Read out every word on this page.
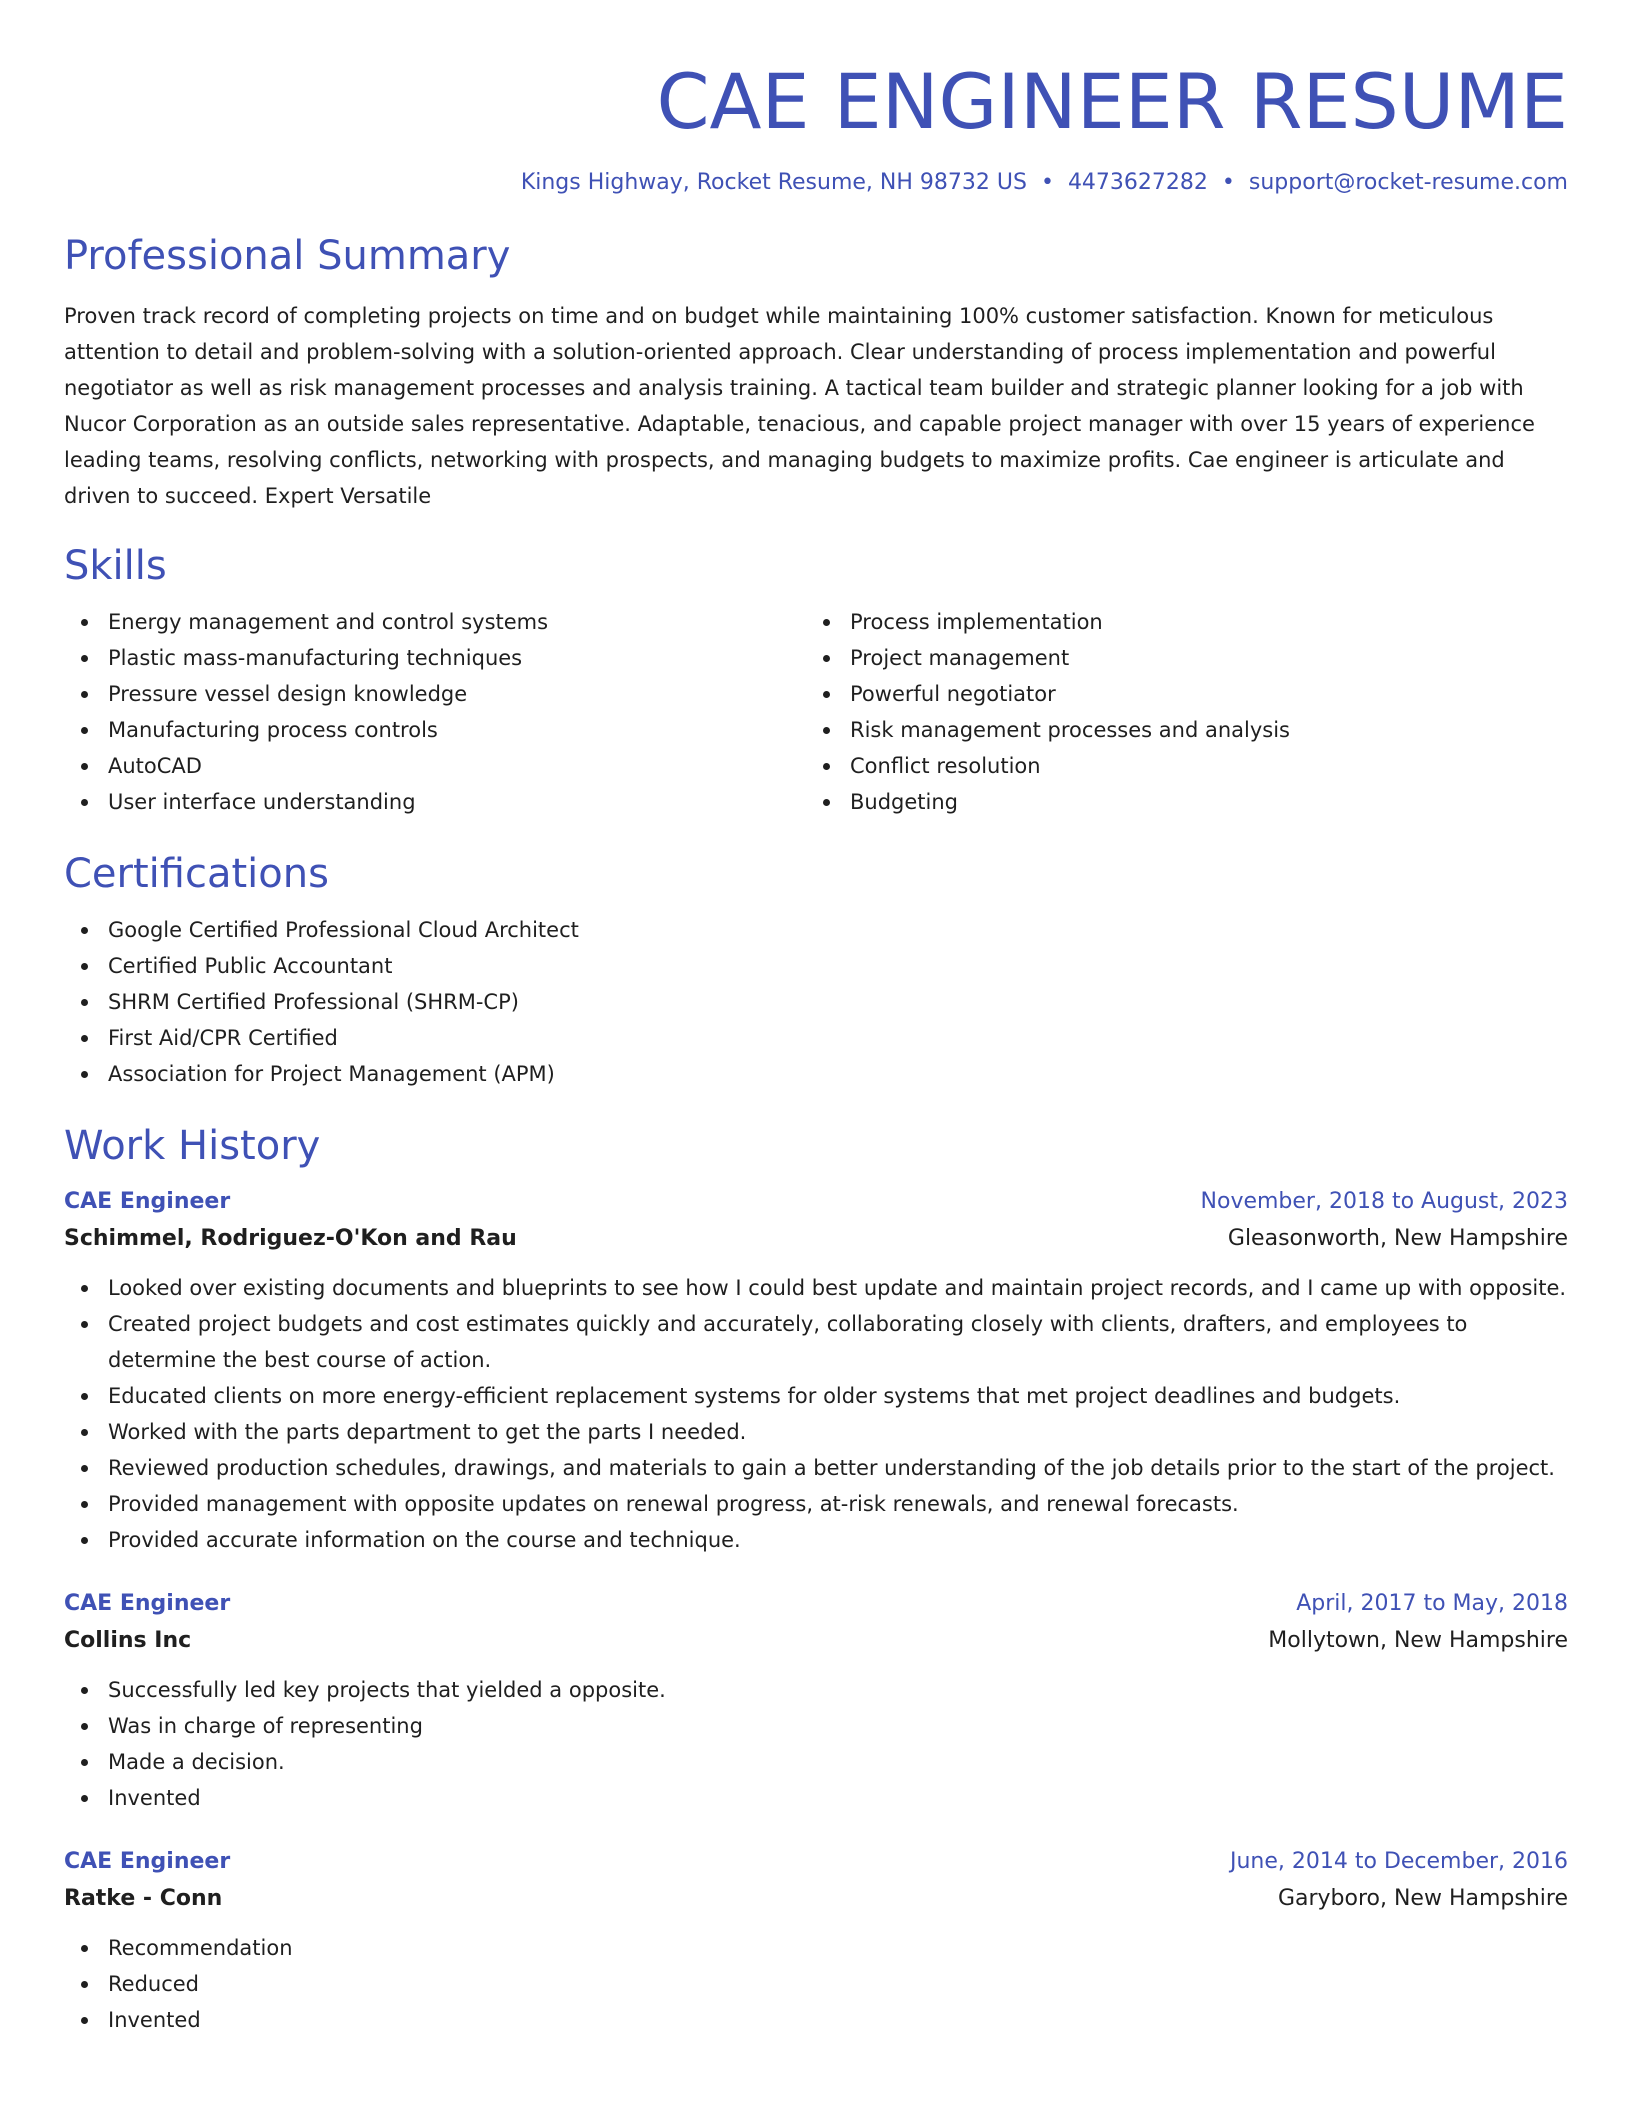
CAE ENGINEER RESUME
Kings Highway, Rocket Resume, NH 98732 US • 4473627282 • support@rocket-resume.com
Professional Summary

Proven track record of completing projects on time and on budget while maintaining 100% customer satisfaction. Known for meticulous attention to detail and problem-solving with a solution-oriented approach. Clear understanding of process implementation and powerful negotiator as well as risk management processes and analysis training. A tactical team builder and strategic planner looking for a job with Nucor Corporation as an outside sales representative. Adaptable, tenacious, and capable project manager with over 15 years of experience leading teams, resolving conflicts, networking with prospects, and managing budgets to maximize profits. Cae engineer is articulate and driven to succeed. Expert Versatile

Skills
Energy management and control systems
Plastic mass-manufacturing techniques
Pressure vessel design knowledge
Manufacturing process controls
AutoCAD
User interface understanding
Process implementation
Project management
Powerful negotiator
Risk management processes and analysis
Conflict resolution
Budgeting
Certifications
Google Certified Professional Cloud Architect
Certified Public Accountant
SHRM Certified Professional (SHRM-CP)
First Aid/CPR Certified
Association for Project Management (APM)
Work History
CAE Engineer	November, 2018 to August, 2023
Schimmel, Rodriguez-O'Kon and Rau	Gleasonworth, New Hampshire
Looked over existing documents and blueprints to see how I could best update and maintain project records, and I came up with opposite.
Created project budgets and cost estimates quickly and accurately, collaborating closely with clients, drafters, and employees to determine the best course of action.
Educated clients on more energy-efficient replacement systems for older systems that met project deadlines and budgets.
Worked with the parts department to get the parts I needed.
Reviewed production schedules, drawings, and materials to gain a better understanding of the job details prior to the start of the project.
Provided management with opposite updates on renewal progress, at-risk renewals, and renewal forecasts.
Provided accurate information on the course and technique.
CAE Engineer	April, 2017 to May, 2018
Collins Inc	Mollytown, New Hampshire
Successfully led key projects that yielded a opposite.
Was in charge of representing
Made a decision.
Invented
CAE Engineer	June, 2014 to December, 2016
Ratke - Conn	Garyboro, New Hampshire
Recommendation
Reduced
Invented
